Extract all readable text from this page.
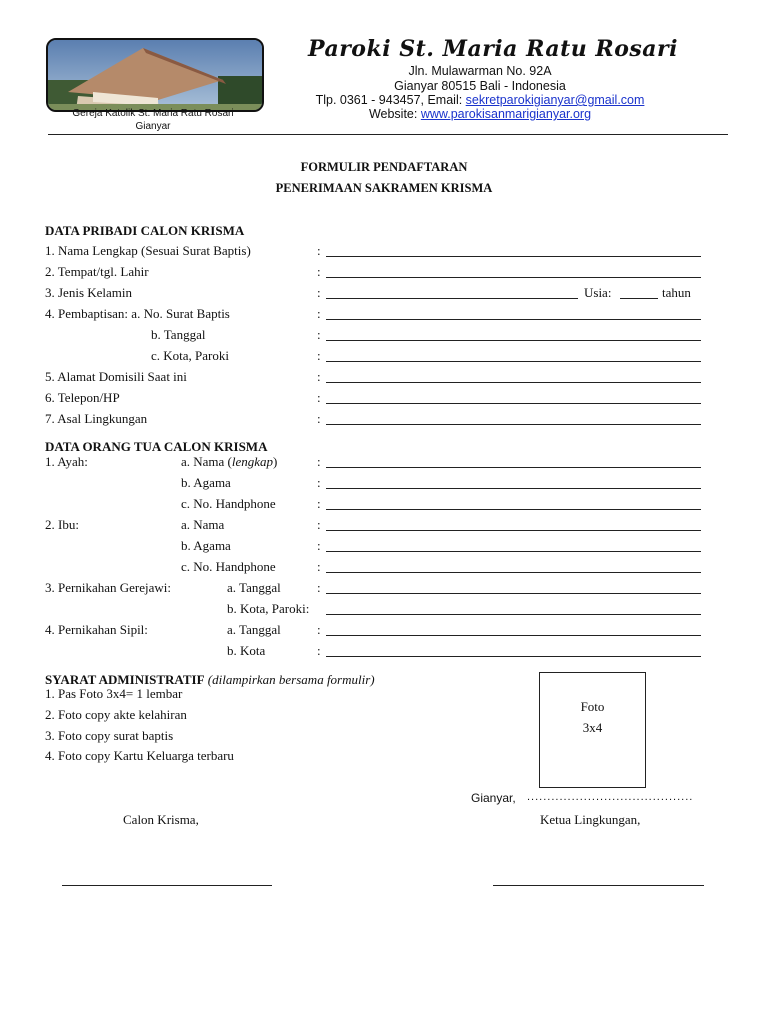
Gereja Katolik St. Maria Ratu Rosari
Gianyar
Paroki St. Maria Ratu Rosari
Jln. Mulawarman No. 92A
Gianyar 80515 Bali - Indonesia
Tlp. 0361 - 943457, Email: sekretparokigianyar@gmail.com
Website: www.parokisanmarigianyar.org
FORMULIR PENDAFTARAN
PENERIMAAN SAKRAMEN KRISMA
DATA PRIBADI CALON KRISMA
1. Nama Lengkap (Sesuai Surat Baptis)	:
2. Tempat/tgl. Lahir	:
3. Jenis Kelamin	:	Usia:	tahun
4. Pembaptisan: a. No. Surat Baptis	:
b. Tanggal	:
c. Kota, Paroki	:
5. Alamat Domisili Saat ini	:
6. Telepon/HP	:
7. Asal Lingkungan	:
DATA ORANG TUA CALON KRISMA
1. Ayah:	a. Nama (lengkap)	:
b. Agama	:
c. No. Handphone	:
2. Ibu:	a. Nama	:
b. Agama	:
c. No. Handphone	:
3. Pernikahan Gerejawi:	a. Tanggal	:
b. Kota, Paroki:
4. Pernikahan Sipil:	a. Tanggal	:
b. Kota	:
SYARAT ADMINISTRATIF (dilampirkan bersama formulir)
1. Pas Foto 3x4= 1 lembar
2. Foto copy akte kelahiran
3. Foto copy surat baptis
4. Foto copy Kartu Keluarga terbaru
Foto
3x4
Gianyar, .........................................
Calon Krisma,	Ketua Lingkungan,
